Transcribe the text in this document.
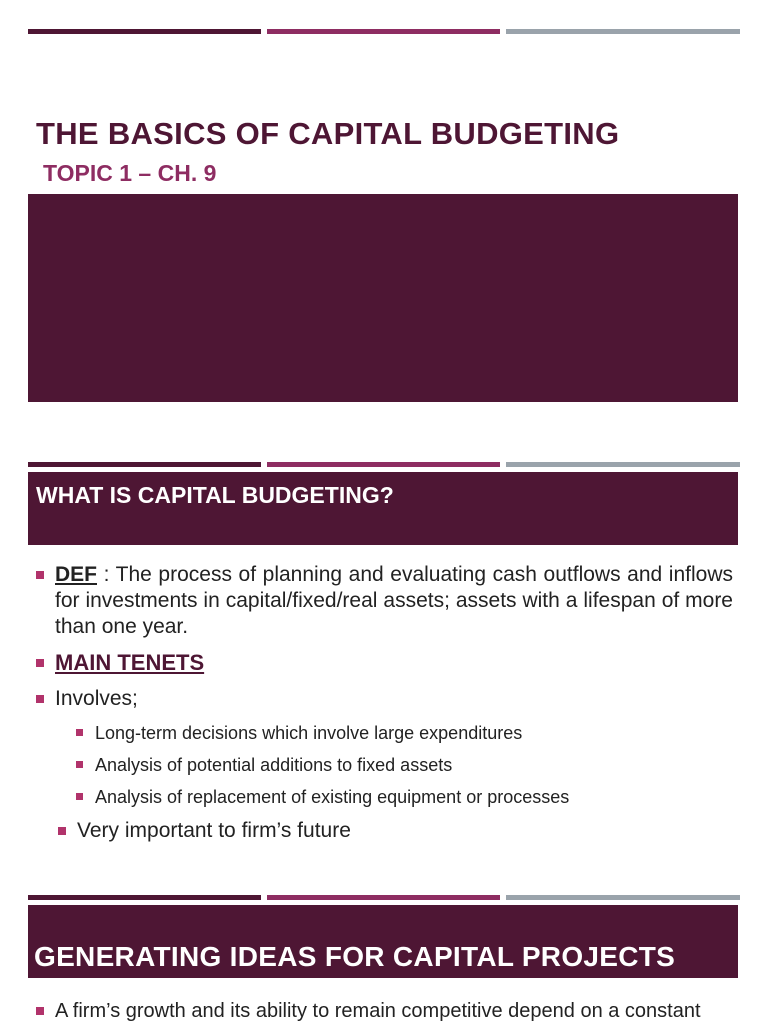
THE BASICS OF CAPITAL BUDGETING
TOPIC 1 – CH. 9
WHAT IS CAPITAL BUDGETING?
DEF : The process of planning and evaluating cash outflows and inflows for investments in capital/fixed/real assets; assets with a lifespan of more than one year.
MAIN TENETS
Involves;
Long-term decisions which involve large expenditures
Analysis of potential additions to fixed assets
Analysis of replacement of existing equipment or processes
Very important to firm’s future
GENERATING IDEAS FOR CAPITAL PROJECTS
A firm’s growth and its ability to remain competitive depend on a constant
